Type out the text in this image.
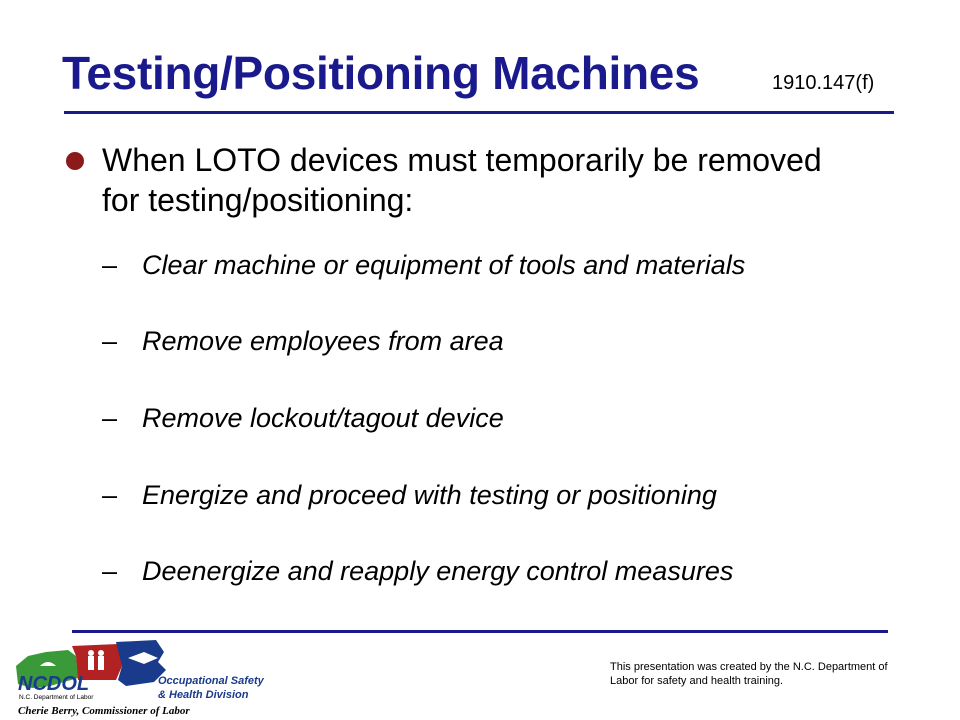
Testing/Positioning Machines	1910.147(f)
When LOTO devices must temporarily be removed for testing/positioning:
– Clear machine or equipment of tools and materials
– Remove employees from area
– Remove lockout/tagout device
– Energize and proceed with testing or positioning
– Deenergize and reapply energy control measures
NCDOL
N.C. Department of Labor
Occupational Safety
& Health Division
Cherie Berry, Commissioner of Labor
This presentation was created by the N.C. Department of Labor for safety and health training.
